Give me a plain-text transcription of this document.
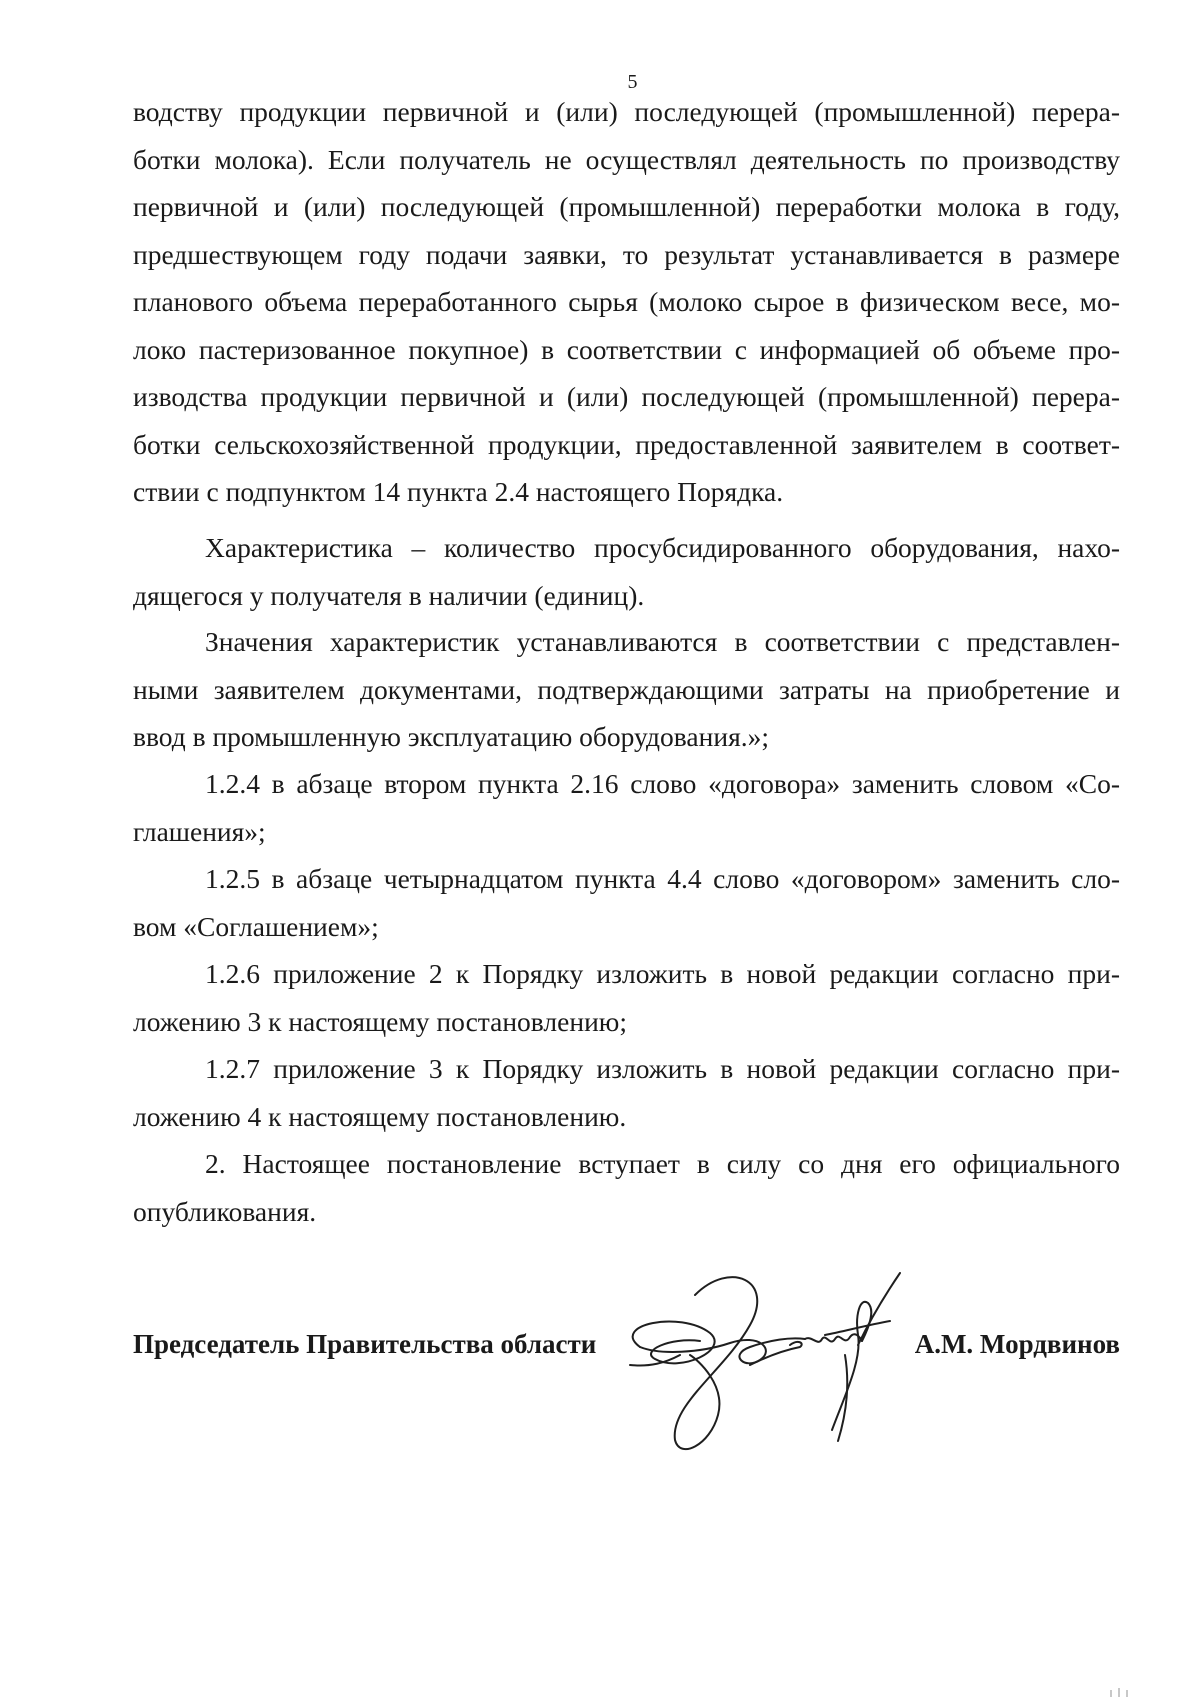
5
водству продукции первичной и (или) последующей (промышленной) перера-
ботки молока). Если получатель не осуществлял деятельность по производству
первичной и (или) последующей (промышленной) переработки молока в году,
предшествующем году подачи заявки, то результат устанавливается в размере
планового объема переработанного сырья (молоко сырое в физическом весе, мо-
локо пастеризованное покупное) в соответствии с информацией об объеме про-
изводства продукции первичной и (или) последующей (промышленной) перера-
ботки сельскохозяйственной продукции, предоставленной заявителем в соответ-
ствии с подпунктом 14 пункта 2.4 настоящего Порядка.
Характеристика – количество просубсидированного оборудования, нахо-
дящегося у получателя в наличии (единиц).
Значения характеристик устанавливаются в соответствии с представлен-
ными заявителем документами, подтверждающими затраты на приобретение и
ввод в промышленную эксплуатацию оборудования.»;
1.2.4 в абзаце втором пункта 2.16 слово «договора» заменить словом «Со-
глашения»;
1.2.5 в абзаце четырнадцатом пункта 4.4 слово «договором» заменить сло-
вом «Соглашением»;
1.2.6 приложение 2 к Порядку изложить в новой редакции согласно при-
ложению 3 к настоящему постановлению;
1.2.7 приложение 3 к Порядку изложить в новой редакции согласно при-
ложению 4 к настоящему постановлению.
2. Настоящее постановление вступает в силу со дня его официального
опубликования.
Председатель Правительства области	А.М. Мордвинов
